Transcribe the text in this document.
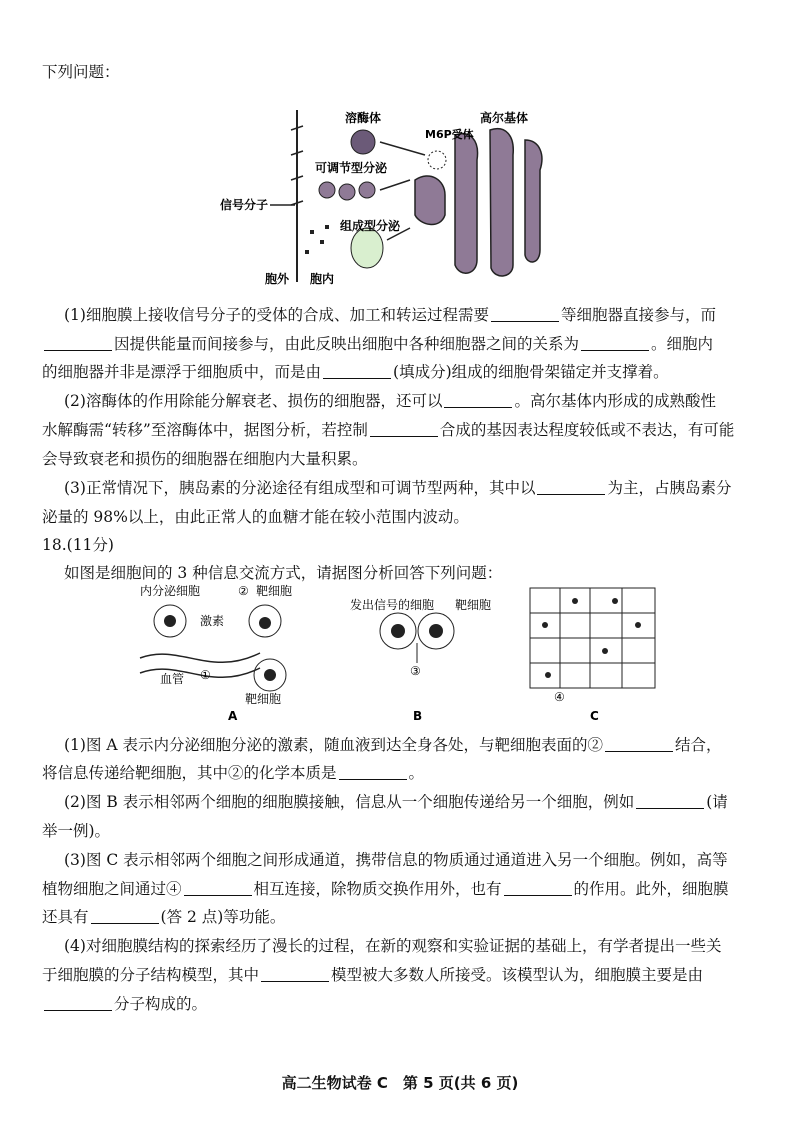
下列问题：
溶酶体	高尔基体
M6P受体
可调节型分泌
信号分子
组成型分泌
胞外 胞内
(1)细胞膜上接收信号分子的受体的合成、加工和转运过程需要	等细胞器直接参与，而
因提供能量而间接参与，由此反映出细胞中各种细胞器之间的关系为	。细胞内
的细胞器并非是漂浮于细胞质中，而是由	(填成分)组成的细胞骨架锚定并支撑着。
(2)溶酶体的作用除能分解衰老、损伤的细胞器，还可以	。高尔基体内形成的成熟酸性
水解酶需“转移”至溶酶体中，据图分析，若控制	合成的基因表达程度较低或不表达，有可能
会导致衰老和损伤的细胞器在细胞内大量积累。
(3)正常情况下，胰岛素的分泌途径有组成型和可调节型两种，其中以	为主，占胰岛素分
泌量的 98%以上，由此正常人的血糖才能在较小范围内波动。
18.(11分)
如图是细胞间的 3 种信息交流方式，请据图分析回答下列问题：
内分泌细胞	② 靶细胞
激素
血管 ①
靶细胞
A
发出信号的细胞 靶细胞
③
B
④
C
(1)图 A 表示内分泌细胞分泌的激素，随血液到达全身各处，与靶细胞表面的②	结合，
将信息传递给靶细胞，其中②的化学本质是	。
(2)图 B 表示相邻两个细胞的细胞膜接触，信息从一个细胞传递给另一个细胞，例如	(请
举一例)。
(3)图 C 表示相邻两个细胞之间形成通道，携带信息的物质通过通道进入另一个细胞。例如，高等
植物细胞之间通过④	相互连接，除物质交换作用外，也有	的作用。此外，细胞膜
还具有	(答 2 点)等功能。
(4)对细胞膜结构的探索经历了漫长的过程，在新的观察和实验证据的基础上，有学者提出一些关
于细胞膜的分子结构模型，其中	模型被大多数人所接受。该模型认为，细胞膜主要是由
分子构成的。
高二生物试卷 C　第 5 页(共 6 页)
